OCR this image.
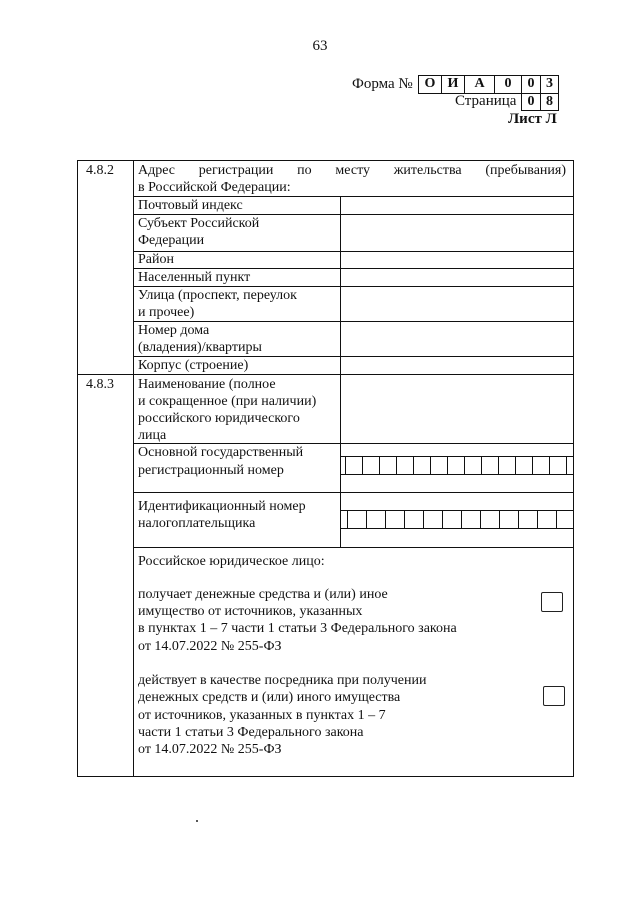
63
Форма № О И	А	0	0 3
Страница 0 8
Лист Л
4.8.2 Адрес регистрации по месту жительства (пребывания)
в Российской Федерации:
Почтовый индекс
Субъект Российской
Федерации
Район
Населенный пункт
Улица (проспект, переулок
и прочее)
Номер дома
(владения)/квартиры
Корпус (строение)
4.8.3 Наименование (полное
и сокращенное (при наличии)
российского юридического
лица
Основной государственный
регистрационный номер
Идентификационный номер
налогоплательщика
Российское юридическое лицо:
получает денежные средства и (или) иное
имущество от источников, указанных
в пунктах 1 – 7 части 1 статьи 3 Федерального закона
от 14.07.2022 № 255-ФЗ
действует в качестве посредника при получении
денежных средств и (или) иного имущества
от источников, указанных в пунктах 1 – 7
части 1 статьи 3 Федерального закона
от 14.07.2022 № 255-ФЗ
